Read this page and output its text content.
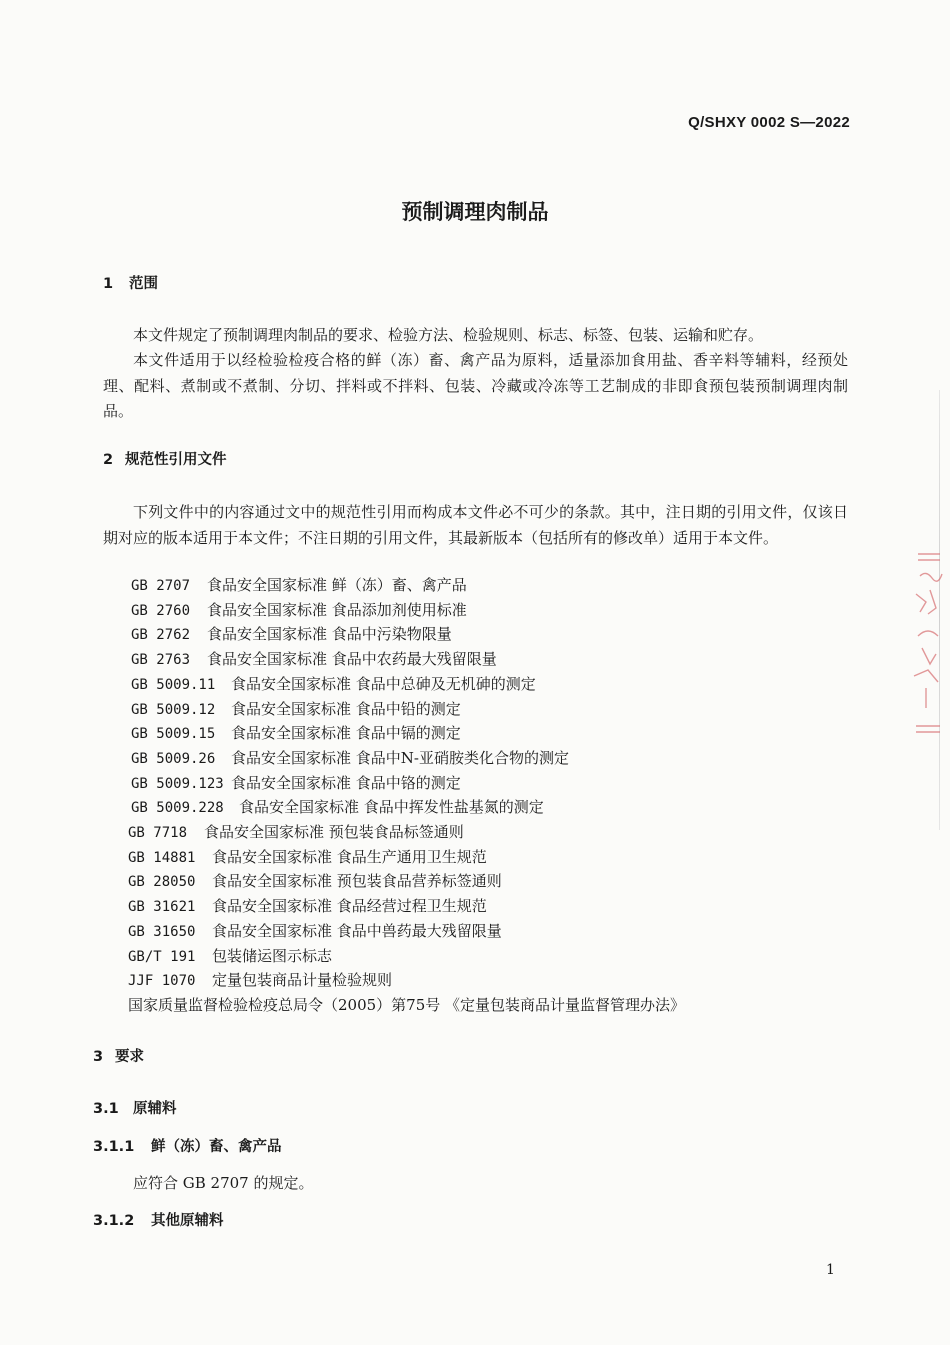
Q/SHXY 0002 S—2022
预制调理肉制品
1 范围
本文件规定了预制调理肉制品的要求、检验方法、检验规则、标志、标签、包装、运输和贮存。
本文件适用于以经检验检疫合格的鲜（冻）畜、禽产品为原料，适量添加食用盐、香辛料等辅料，经预处理、配料、煮制或不煮制、分切、拌料或不拌料、包装、冷藏或冷冻等工艺制成的非即食预包装预制调理肉制品。
2 规范性引用文件
下列文件中的内容通过文中的规范性引用而构成本文件必不可少的条款。其中，注日期的引用文件，仅该日期对应的版本适用于本文件；不注日期的引用文件，其最新版本（包括所有的修改单）适用于本文件。
GB 2707 食品安全国家标准 鲜（冻）畜、禽产品
GB 2760 食品安全国家标准 食品添加剂使用标准
GB 2762 食品安全国家标准 食品中污染物限量
GB 2763 食品安全国家标准 食品中农药最大残留限量
GB 5009.11 食品安全国家标准 食品中总砷及无机砷的测定
GB 5009.12 食品安全国家标准 食品中铅的测定
GB 5009.15 食品安全国家标准 食品中镉的测定
GB 5009.26 食品安全国家标准 食品中N-亚硝胺类化合物的测定
GB 5009.123 食品安全国家标准 食品中铬的测定
GB 5009.228 食品安全国家标准 食品中挥发性盐基氮的测定
GB 7718 食品安全国家标准 预包装食品标签通则
GB 14881 食品安全国家标准 食品生产通用卫生规范
GB 28050 食品安全国家标准 预包装食品营养标签通则
GB 31621 食品安全国家标准 食品经营过程卫生规范
GB 31650 食品安全国家标准 食品中兽药最大残留限量
GB/T 191 包装储运图示标志
JJF 1070 定量包装商品计量检验规则
国家质量监督检验检疫总局令（2005）第75号 《定量包装商品计量监督管理办法》
3 要求
3.1 原辅料
3.1.1 鲜（冻）畜、禽产品
应符合 GB 2707 的规定。
3.1.2 其他原辅料
1
